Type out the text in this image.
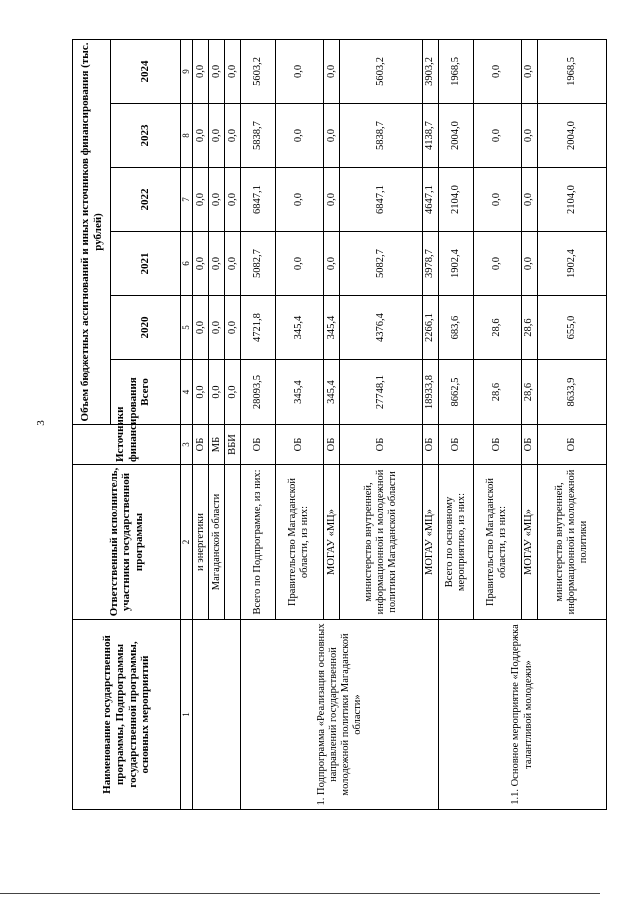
3
Наименование государственной программы, Подпрограммы государственной программы, основных мероприятий	Ответственный исполнитель, участники государственной программы	Источники финансирования	Объем бюджетных ассигнований и иных источников финансирования (тыс. рублей)					
			Всего	2020	2021	2022	2023	2024
1	2	3	4	5	6	7	8	9
	и энергетики	ОБ	0,0	0,0	0,0	0,0	0,0	0,0
	Магаданской области	МБ	0,0	0,0	0,0	0,0	0,0	0,0
		ВБИ	0,0	0,0	0,0	0,0	0,0	0,0
1. Подпрограмма «Реализация основных направлений государственной молодежной политики Магаданской области»	Всего по Подпрограмме, из них:	ОБ	28093,5	4721,8	5082,7	6847,1	5838,7	5603,2
	Правительство Магаданской области, из них:	ОБ	345,4	345,4	0,0	0,0	0,0	0,0
	МОГАУ «МЦ»	ОБ	345,4	345,4	0,0	0,0	0,0	0,0
	министерство внутренней, информационной и молодежной политики Магаданской области	ОБ	27748,1	4376,4	5082,7	6847,1	5838,7	5603,2
	МОГАУ «МЦ»	ОБ	18933,8	2266,1	3978,7	4647,1	4138,7	3903,2
1.1. Основное мероприятие «Поддержка талантливой молодежи»	Всего по основному мероприятию, из них:	ОБ	8662,5	683,6	1902,4	2104,0	2004,0	1968,5
	Правительство Магаданской области, из них:	ОБ	28,6	28,6	0,0	0,0	0,0	0,0
	МОГАУ «МЦ»	ОБ	28,6	28,6	0,0	0,0	0,0	0,0
	министерство внутренней, информационной и молодежной политики	ОБ	8633,9	655,0	1902,4	2104,0	2004,0	1968,5
